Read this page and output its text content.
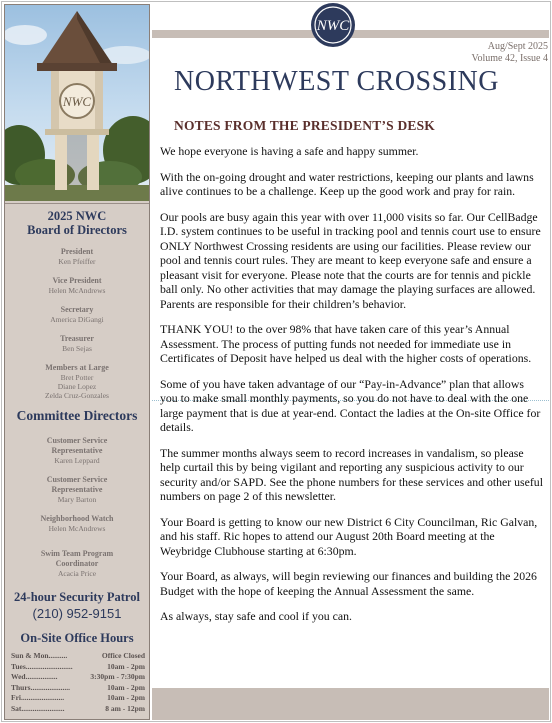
NWC
2025 NWC
Board of Directors
President
Ken Pfeiffer
Vice President
Helen McAndrews
Secretary
America DiGangi
Treasurer
Ben Sejas
Members at Large
Bret Potter
Diane Lopez
Zelda Cruz-Gonzales
Committee Directors
Customer Service
Representative
Karen Leppard
Customer Service
Representative
Mary Barton
Neighborhood Watch
Helen McAndrews
Swim Team Program
Coordinator
Acacia Price
24-hour Security Patrol
(210) 952-9151
On-Site Office Hours
Sun & Mon..........	Office Closed
Tues.........................	10am - 2pm
Wed.................	3:30pm - 7:30pm
Thurs.....................	10am - 2pm
Fri.......................	10am - 2pm
Sat.......................	8 am - 12pm
NWC
Aug/Sept 2025
Volume 42, Issue 4
NORTHWEST CROSSING
NOTES FROM THE PRESIDENT’S DESK

We hope everyone is having a safe and happy summer.

With the on-going drought and water restrictions, keeping our plants and lawns alive continues to be a challenge. Keep up the good work and pray for rain.

Our pools are busy again this year with over 11,000 visits so far. Our CellBadge I.D. system continues to be useful in tracking pool and tennis court use to ensure ONLY Northwest Crossing residents are using our facilities. Please review our pool and tennis court rules. They are meant to keep everyone safe and ensure a pleasant visit for everyone. Please note that the courts are for tennis and pickle ball only. No other activities that may damage the playing surfaces are allowed. Parents are responsible for their children’s behavior.

THANK YOU! to the over 98% that have taken care of this year’s Annual Assessment. The process of putting funds not needed for immediate use in Certificates of Deposit have helped us deal with the higher costs of operations.

Some of you have taken advantage of our “Pay-in-Advance” plan that allows you to make small monthly payments, so you do not have to deal with the one large payment that is due at year-end. Contact the ladies at the On-site Office for details.

The summer months always seem to record increases in vandalism, so please help curtail this by being vigilant and reporting any suspicious activity to our security and/or SAPD. See the phone numbers for these services and other useful numbers on page 2 of this newsletter.

Your Board is getting to know our new District 6 City Councilman, Ric Galvan, and his staff. Ric hopes to attend our August 20th Board meeting at the Weybridge Clubhouse starting at 6:30pm.

Your Board, as always, will begin reviewing our finances and building the 2026 Budget with the hope of keeping the Annual Assessment the same.

As always, stay safe and cool if you can.
